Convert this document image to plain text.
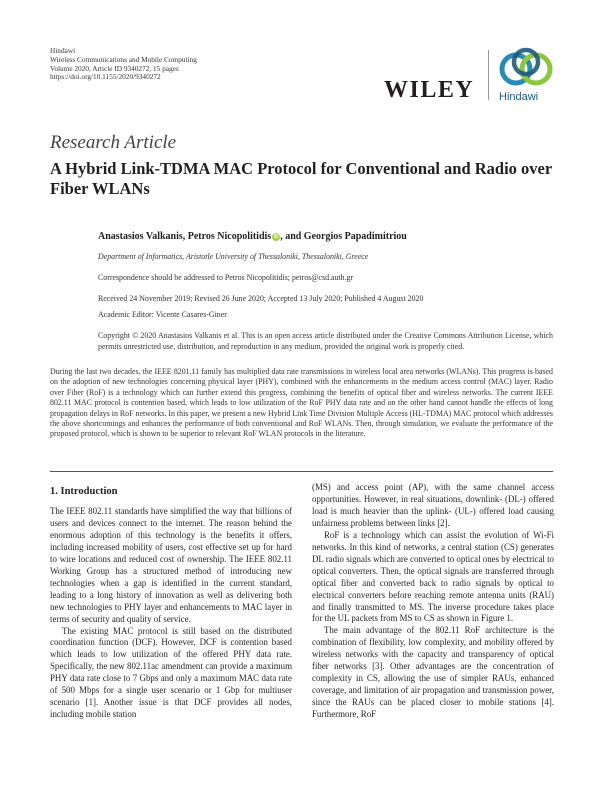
Hindawi
Wireless Communications and Mobile Computing
Volume 2020, Article ID 9340272, 15 pages
https://doi.org/10.1155/2020/9340272
WILEY Hindawi
Research Article
A Hybrid Link-TDMA MAC Protocol for Conventional and Radio over Fiber WLANs
Anastasios Valkanis, Petros Nicopolitidis iD , and Georgios Papadimitriou
Department of Informatics, Aristotle University of Thessaloniki, Thessaloniki, Greece
Correspondence should be addressed to Petros Nicopolitidis; petros@csd.auth.gr
Received 24 November 2019; Revised 26 June 2020; Accepted 13 July 2020; Published 4 August 2020
Academic Editor: Vicente Casares-Giner
Copyright © 2020 Anastasios Valkanis et al. This is an open access article distributed under the Creative Commons Attribution License, which permits unrestricted use, distribution, and reproduction in any medium, provided the original work is properly cited.
During the last two decades, the IEEE 8201.11 family has multiplied data rate transmissions in wireless local area networks (WLANs). This progress is based on the adoption of new technologies concerning physical layer (PHY), combined with the enhancements in the medium access control (MAC) layer. Radio over Fiber (RoF) is a technology which can further extend this progress, combining the benefits of optical fiber and wireless networks. The current IEEE 802.11 MAC protocol is contention based, which leads to low utilization of the RoF PHY data rate and on the other hand cannot handle the effects of long propagation delays in RoF networks. In this paper, we present a new Hybrid Link Time Division Multiple Access (HL-TDMA) MAC protocol which addresses the above shortcomings and enhances the performance of both conventional and RoF WLANs. Then, through simulation, we evaluate the performance of the proposed protocol, which is shown to be superior to relevant RoF WLAN protocols in the literature.
1. Introduction

The IEEE 802.11 standards have simplified the way that billions of users and devices connect to the internet. The reason behind the enormous adoption of this technology is the benefits it offers, including increased mobility of users, cost effective set up for hard to wire locations and reduced cost of ownership. The IEEE 802.11 Working Group has a structured method of introducing new technologies when a gap is identified in the current standard, leading to a long history of innovation as well as delivering both new technologies to PHY layer and enhancements to MAC layer in terms of security and quality of service.

The existing MAC protocol is still based on the distributed coordination function (DCF). However, DCF is contention based which leads to low utilization of the offered PHY data rate. Specifically, the new 802.11ac amendment can provide a maximum PHY data rate close to 7 Gbps and only a maximum MAC data rate of 500 Mbps for a single user scenario or 1 Gbp for multiuser scenario [1]. Another issue is that DCF provides all nodes, including mobile station

(MS) and access point (AP), with the same channel access opportunities. However, in real situations, downlink- (DL-) offered load is much heavier than the uplink- (UL-) offered load causing unfairness problems between links [2].

RoF is a technology which can assist the evolution of Wi-Fi networks. In this kind of networks, a central station (CS) generates DL radio signals which are converted to optical ones by electrical to optical converters. Then, the optical signals are transferred through optical fiber and converted back to radio signals by optical to electrical converters before reaching remote antenna units (RAU) and finally transmitted to MS. The inverse procedure takes place for the UL packets from MS to CS as shown in Figure 1.

The main advantage of the 802.11 RoF architecture is the combination of flexibility, low complexity, and mobility offered by wireless networks with the capacity and transparency of optical fiber networks [3]. Other advantages are the concentration of complexity in CS, allowing the use of simpler RAUs, enhanced coverage, and limitation of air propagation and transmission power, since the RAUs can be placed closer to mobile stations [4]. Furthermore, RoF
